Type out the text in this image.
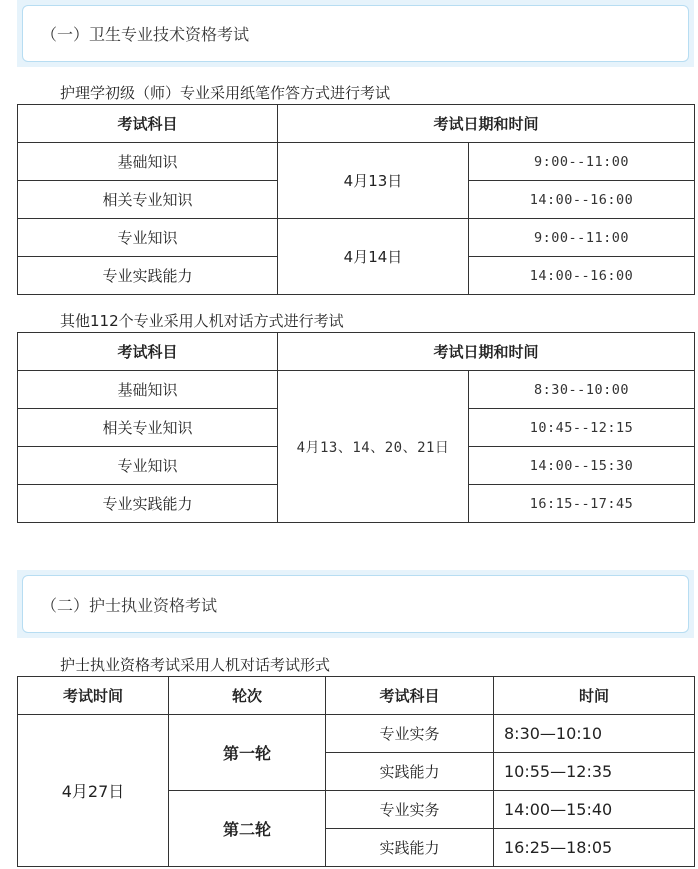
（一）卫生专业技术资格考试
护理学初级（师）专业采用纸笔作答方式进行考试
考试科目	考试日期和时间	
基础知识	4月13日	9:00--11:00
相关专业知识		14:00--16:00
专业知识	4月14日	9:00--11:00
专业实践能力		14:00--16:00
其他112个专业采用人机对话方式进行考试
考试科目	考试日期和时间	
基础知识	4月13、14、20、21日	8:30--10:00
相关专业知识		10:45--12:15
专业知识		14:00--15:30
专业实践能力		16:15--17:45
（二）护士执业资格考试
护士执业资格考试采用人机对话考试形式
考试时间	轮次	考试科目	时间
4月27日	第一轮	专业实务	8:30—10:10
		实践能力	10:55—12:35
	第二轮	专业实务	14:00—15:40
		实践能力	16:25—18:05
